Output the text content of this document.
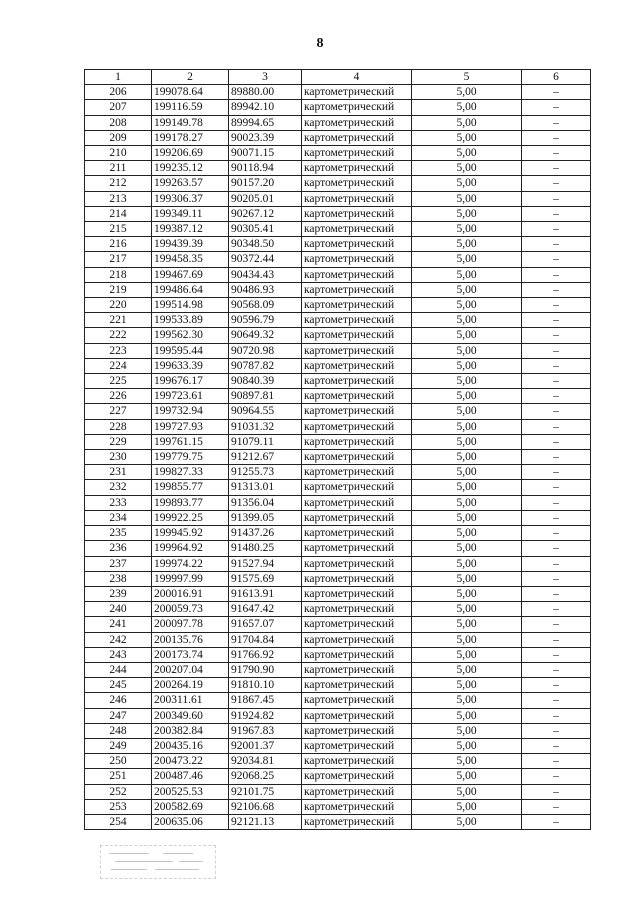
8
1	2	3	4	5	6
206	199078.64	89880.00	картометрический	5,00	–
207	199116.59	89942.10	картометрический	5,00	–
208	199149.78	89994.65	картометрический	5,00	–
209	199178.27	90023.39	картометрический	5,00	–
210	199206.69	90071.15	картометрический	5,00	–
211	199235.12	90118.94	картометрический	5,00	–
212	199263.57	90157.20	картометрический	5,00	–
213	199306.37	90205.01	картометрический	5,00	–
214	199349.11	90267.12	картометрический	5,00	–
215	199387.12	90305.41	картометрический	5,00	–
216	199439.39	90348.50	картометрический	5,00	–
217	199458.35	90372.44	картометрический	5,00	–
218	199467.69	90434.43	картометрический	5,00	–
219	199486.64	90486.93	картометрический	5,00	–
220	199514.98	90568.09	картометрический	5,00	–
221	199533.89	90596.79	картометрический	5,00	–
222	199562.30	90649.32	картометрический	5,00	–
223	199595.44	90720.98	картометрический	5,00	–
224	199633.39	90787.82	картометрический	5,00	–
225	199676.17	90840.39	картометрический	5,00	–
226	199723.61	90897.81	картометрический	5,00	–
227	199732.94	90964.55	картометрический	5,00	–
228	199727.93	91031.32	картометрический	5,00	–
229	199761.15	91079.11	картометрический	5,00	–
230	199779.75	91212.67	картометрический	5,00	–
231	199827.33	91255.73	картометрический	5,00	–
232	199855.77	91313.01	картометрический	5,00	–
233	199893.77	91356.04	картометрический	5,00	–
234	199922.25	91399.05	картометрический	5,00	–
235	199945.92	91437.26	картометрический	5,00	–
236	199964.92	91480.25	картометрический	5,00	–
237	199974.22	91527.94	картометрический	5,00	–
238	199997.99	91575.69	картометрический	5,00	–
239	200016.91	91613.91	картометрический	5,00	–
240	200059.73	91647.42	картометрический	5,00	–
241	200097.78	91657.07	картометрический	5,00	–
242	200135.76	91704.84	картометрический	5,00	–
243	200173.74	91766.92	картометрический	5,00	–
244	200207.04	91790.90	картометрический	5,00	–
245	200264.19	91810.10	картометрический	5,00	–
246	200311.61	91867.45	картометрический	5,00	–
247	200349.60	91924.82	картометрический	5,00	–
248	200382.84	91967.83	картометрический	5,00	–
249	200435.16	92001.37	картометрический	5,00	–
250	200473.22	92034.81	картометрический	5,00	–
251	200487.46	92068.25	картометрический	5,00	–
252	200525.53	92101.75	картометрический	5,00	–
253	200582.69	92106.68	картометрический	5,00	–
254	200635.06	92121.13	картометрический	5,00	–
